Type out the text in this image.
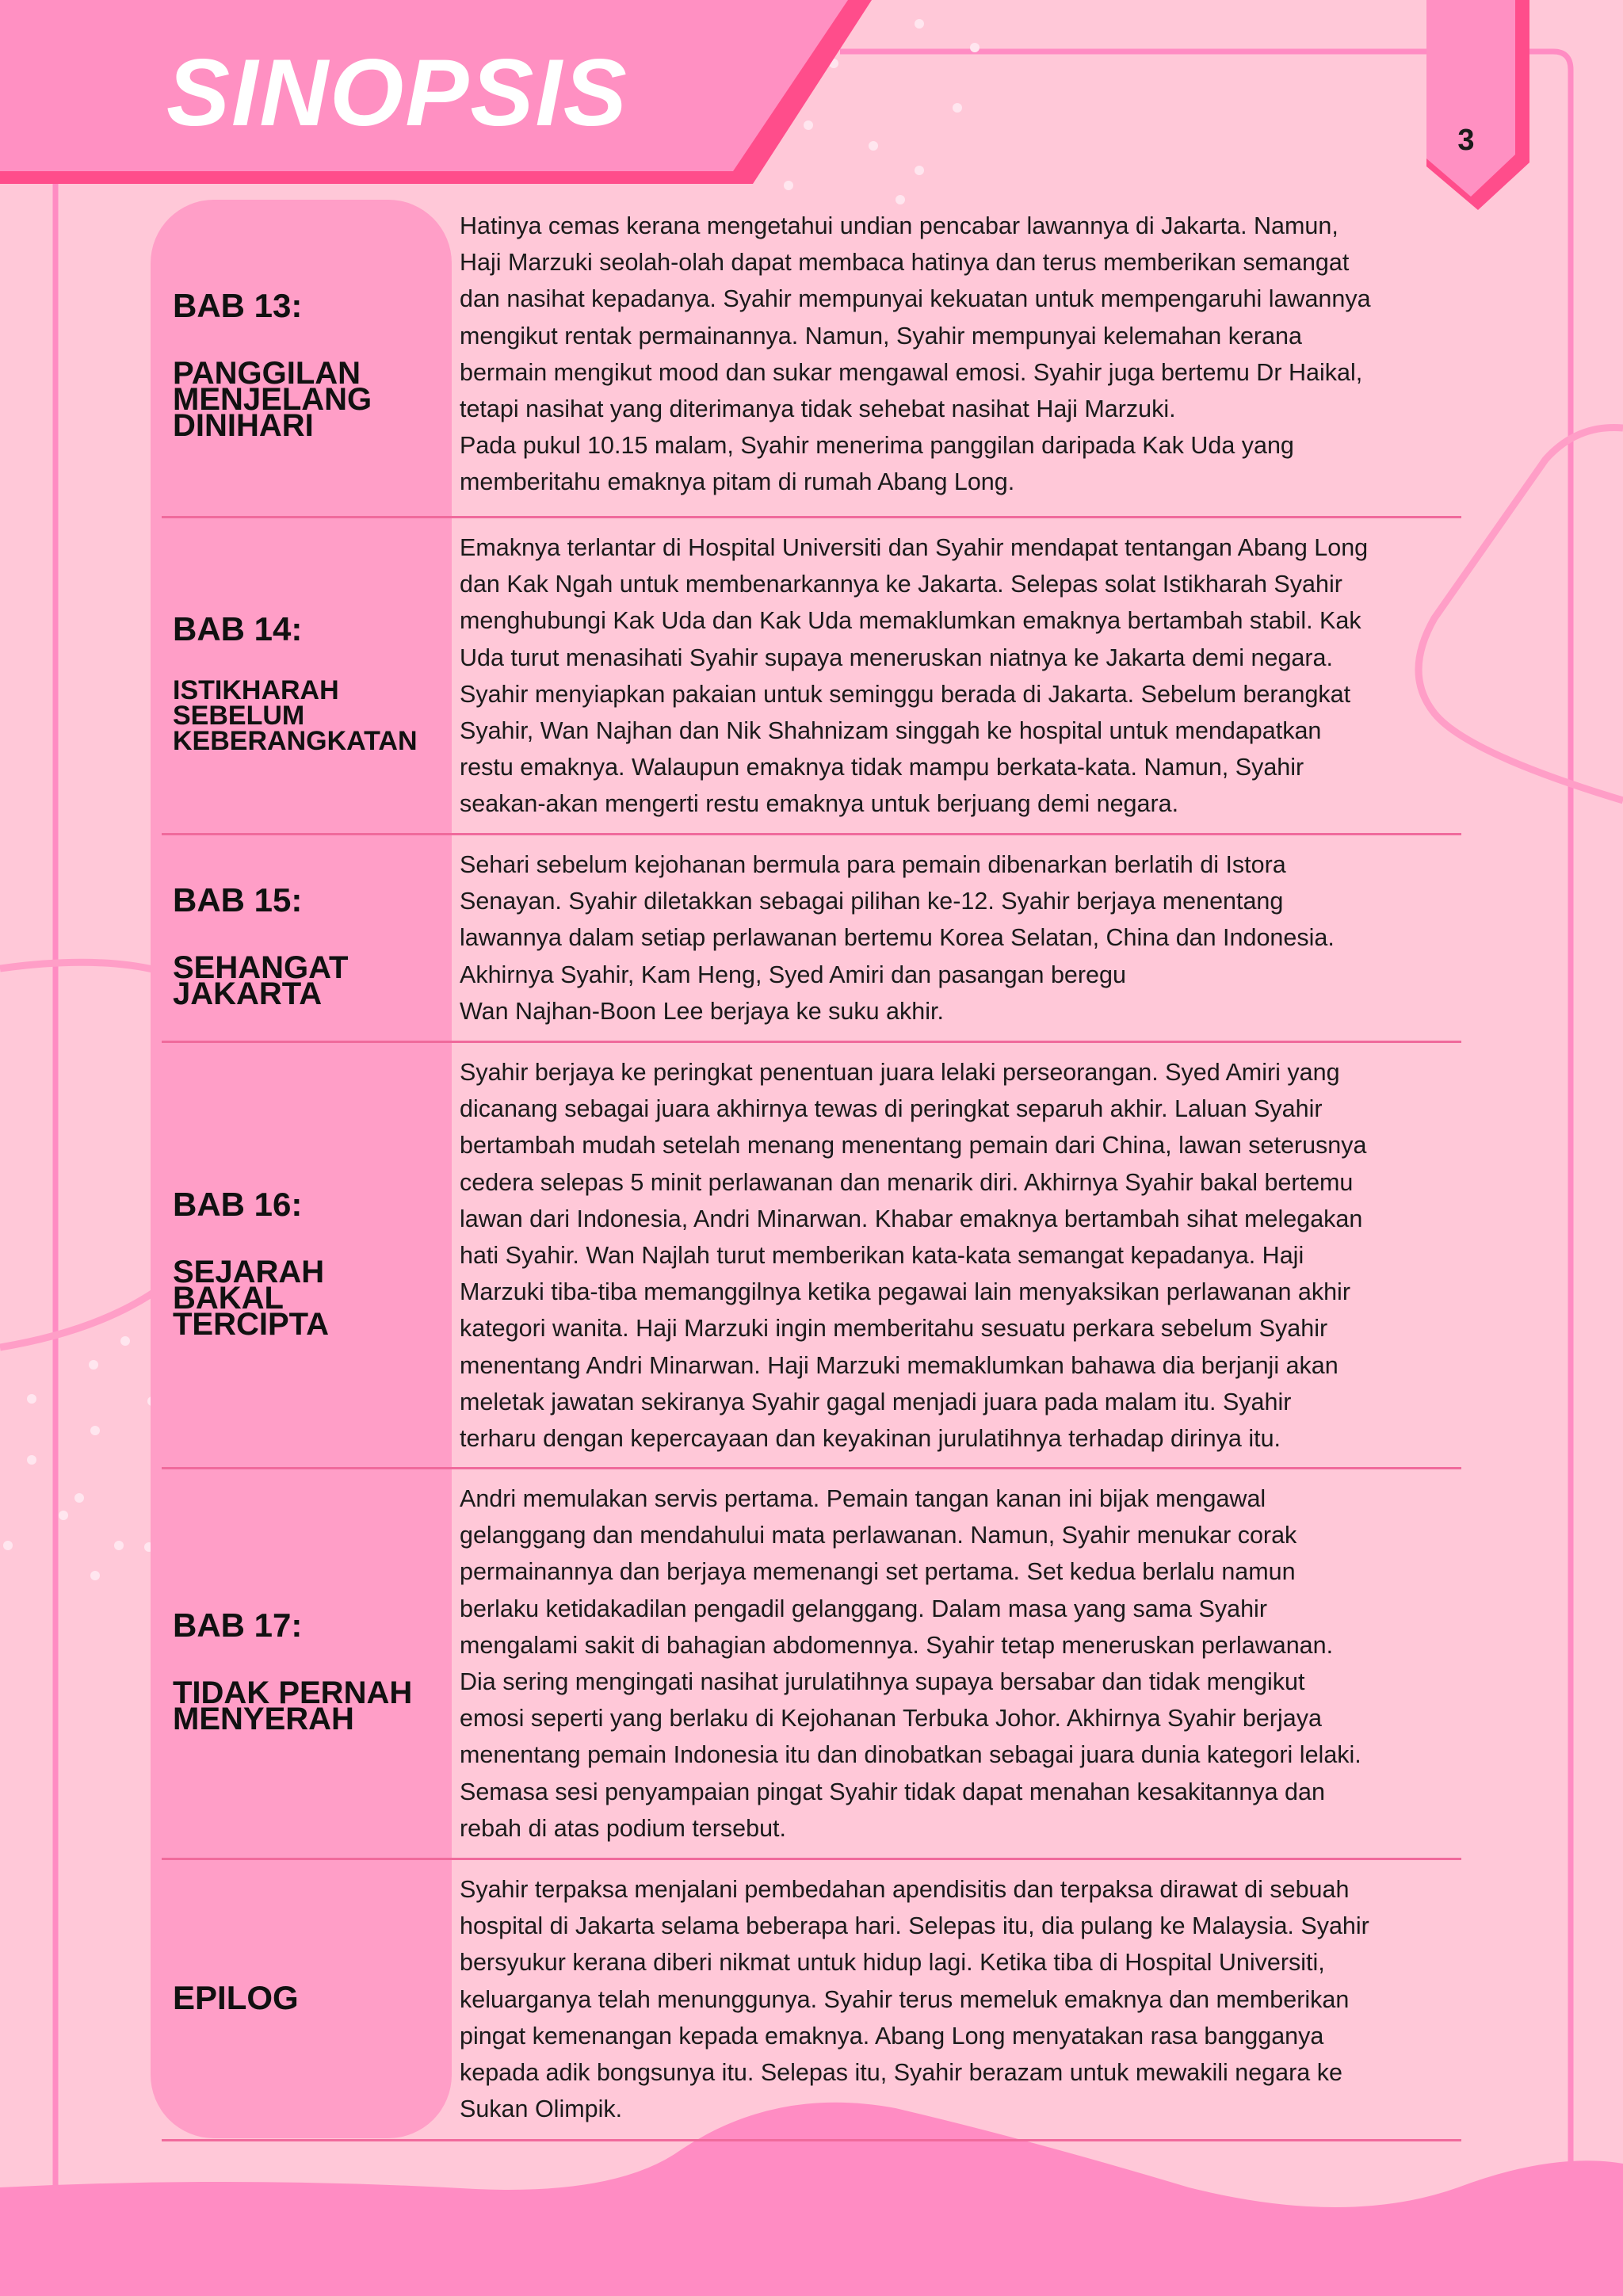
SINOPSIS	3

BAB 13:

PANGGILAN

MENJELANG

DINIHARI

Hatinya cemas kerana mengetahui undian pencabar lawannya di Jakarta. Namun,
Haji Marzuki seolah-olah dapat membaca hatinya dan terus memberikan semangat
dan nasihat kepadanya. Syahir mempunyai kekuatan untuk mempengaruhi lawannya
mengikut rentak permainannya. Namun, Syahir mempunyai kelemahan kerana
bermain mengikut mood dan sukar mengawal emosi. Syahir juga bertemu Dr Haikal,
tetapi nasihat yang diterimanya tidak sehebat nasihat Haji Marzuki.
Pada pukul 10.15 malam, Syahir menerima panggilan daripada Kak Uda yang
memberitahu emaknya pitam di rumah Abang Long.

BAB 14:

ISTIKHARAH

SEBELUM

KEBERANGKATAN

Emaknya terlantar di Hospital Universiti dan Syahir mendapat tentangan Abang Long
dan Kak Ngah untuk membenarkannya ke Jakarta. Selepas solat Istikharah Syahir
menghubungi Kak Uda dan Kak Uda memaklumkan emaknya bertambah stabil. Kak
Uda turut menasihati Syahir supaya meneruskan niatnya ke Jakarta demi negara.
Syahir menyiapkan pakaian untuk seminggu berada di Jakarta. Sebelum berangkat
Syahir, Wan Najhan dan Nik Shahnizam singgah ke hospital untuk mendapatkan
restu emaknya. Walaupun emaknya tidak mampu berkata-kata. Namun, Syahir
seakan-akan mengerti restu emaknya untuk berjuang demi negara.

BAB 15:

SEHANGAT

JAKARTA

Sehari sebelum kejohanan bermula para pemain dibenarkan berlatih di Istora
Senayan. Syahir diletakkan sebagai pilihan ke-12. Syahir berjaya menentang
lawannya dalam setiap perlawanan bertemu Korea Selatan, China dan Indonesia.
Akhirnya Syahir, Kam Heng, Syed Amiri dan pasangan beregu
Wan Najhan-Boon Lee berjaya ke suku akhir.

BAB 16:

SEJARAH

BAKAL

TERCIPTA

Syahir berjaya ke peringkat penentuan juara lelaki perseorangan. Syed Amiri yang
dicanang sebagai juara akhirnya tewas di peringkat separuh akhir. Laluan Syahir
bertambah mudah setelah menang menentang pemain dari China, lawan seterusnya
cedera selepas 5 minit perlawanan dan menarik diri. Akhirnya Syahir bakal bertemu
lawan dari Indonesia, Andri Minarwan. Khabar emaknya bertambah sihat melegakan
hati Syahir. Wan Najlah turut memberikan kata-kata semangat kepadanya. Haji
Marzuki tiba-tiba memanggilnya ketika pegawai lain menyaksikan perlawanan akhir
kategori wanita. Haji Marzuki ingin memberitahu sesuatu perkara sebelum Syahir
menentang Andri Minarwan. Haji Marzuki memaklumkan bahawa dia berjanji akan
meletak jawatan sekiranya Syahir gagal menjadi juara pada malam itu. Syahir
terharu dengan kepercayaan dan keyakinan jurulatihnya terhadap dirinya itu.

BAB 17:

TIDAK PERNAH

MENYERAH

Andri memulakan servis pertama. Pemain tangan kanan ini bijak mengawal
gelanggang dan mendahului mata perlawanan. Namun, Syahir menukar corak
permainannya dan berjaya memenangi set pertama. Set kedua berlalu namun
berlaku ketidakadilan pengadil gelanggang. Dalam masa yang sama Syahir
mengalami sakit di bahagian abdomennya. Syahir tetap meneruskan perlawanan.
Dia sering mengingati nasihat jurulatihnya supaya bersabar dan tidak mengikut
emosi seperti yang berlaku di Kejohanan Terbuka Johor. Akhirnya Syahir berjaya
menentang pemain Indonesia itu dan dinobatkan sebagai juara dunia kategori lelaki.
Semasa sesi penyampaian pingat Syahir tidak dapat menahan kesakitannya dan
rebah di atas podium tersebut.

EPILOG

Syahir terpaksa menjalani pembedahan apendisitis dan terpaksa dirawat di sebuah
hospital di Jakarta selama beberapa hari. Selepas itu, dia pulang ke Malaysia. Syahir
bersyukur kerana diberi nikmat untuk hidup lagi. Ketika tiba di Hospital Universiti,
keluarganya telah menunggunya. Syahir terus memeluk emaknya dan memberikan
pingat kemenangan kepada emaknya. Abang Long menyatakan rasa bangganya
kepada adik bongsunya itu. Selepas itu, Syahir berazam untuk mewakili negara ke
Sukan Olimpik.
